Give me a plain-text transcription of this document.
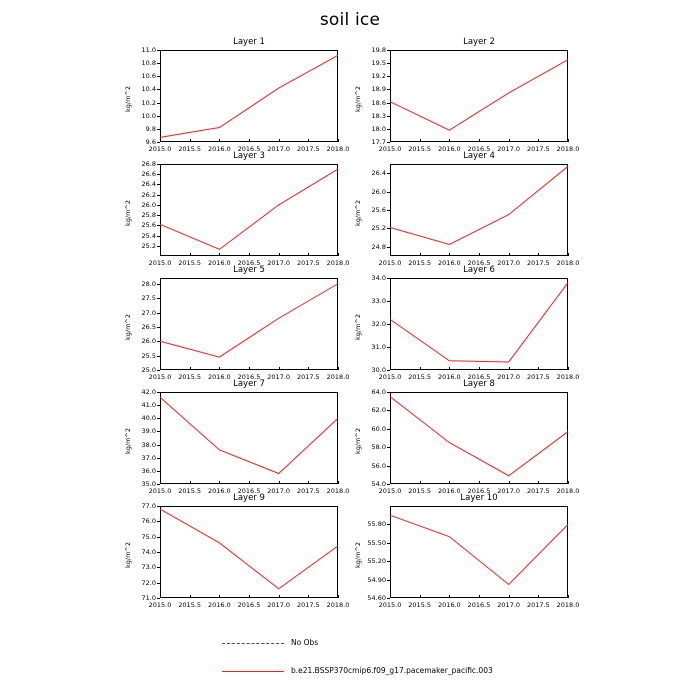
soil ice
Layer 1
kg/m^2
9.6
9.8
10.0
10.2
10.4
10.6
10.8
11.0
2015.0	2015.5	2016.0	2016.5	2017.0	2017.5	2018.0
Layer 2
kg/m^2
17.7
18.0
18.3
18.6
18.9
19.2
19.5
19.8
2015.0	2015.5	2016.0	2016.5	2017.0	2017.5	2018.0
Layer 3
kg/m^2
25.2
25.4
25.6
25.8
26.0
26.2
26.4
26.6
26.8
2015.0	2015.5	2016.0	2016.5	2017.0	2017.5	2018.0
Layer 4
kg/m^2
24.8
25.2
25.6
26.0
26.4
2015.0	2015.5	2016.0	2016.5	2017.0	2017.5	2018.0
Layer 5
kg/m^2
25.0
25.5
26.0
26.5
27.0
27.5
28.0
2015.0	2015.5	2016.0	2016.5	2017.0	2017.5	2018.0
Layer 6
kg/m^2
30.0
31.0
32.0
33.0
34.0
2015.0	2015.5	2016.0	2016.5	2017.0	2017.5	2018.0
Layer 7
kg/m^2
35.0
36.0
37.0
38.0
39.0
40.0
41.0
42.0
2015.0	2015.5	2016.0	2016.5	2017.0	2017.5	2018.0
Layer 8
kg/m^2
54.0
56.0
58.0
60.0
62.0
64.0
2015.0	2015.5	2016.0	2016.5	2017.0	2017.5	2018.0
Layer 9
kg/m^2
71.0
72.0
73.0
74.0
75.0
76.0
77.0
2015.0	2015.5	2016.0	2016.5	2017.0	2017.5	2018.0
Layer 10
kg/m^2
54.60
54.90
55.20
55.50
55.80
2015.0	2015.5	2016.0	2016.5	2017.0	2017.5	2018.0
No Obs
b.e21.BSSP370cmip6.f09_g17.pacemaker_pacific.003
